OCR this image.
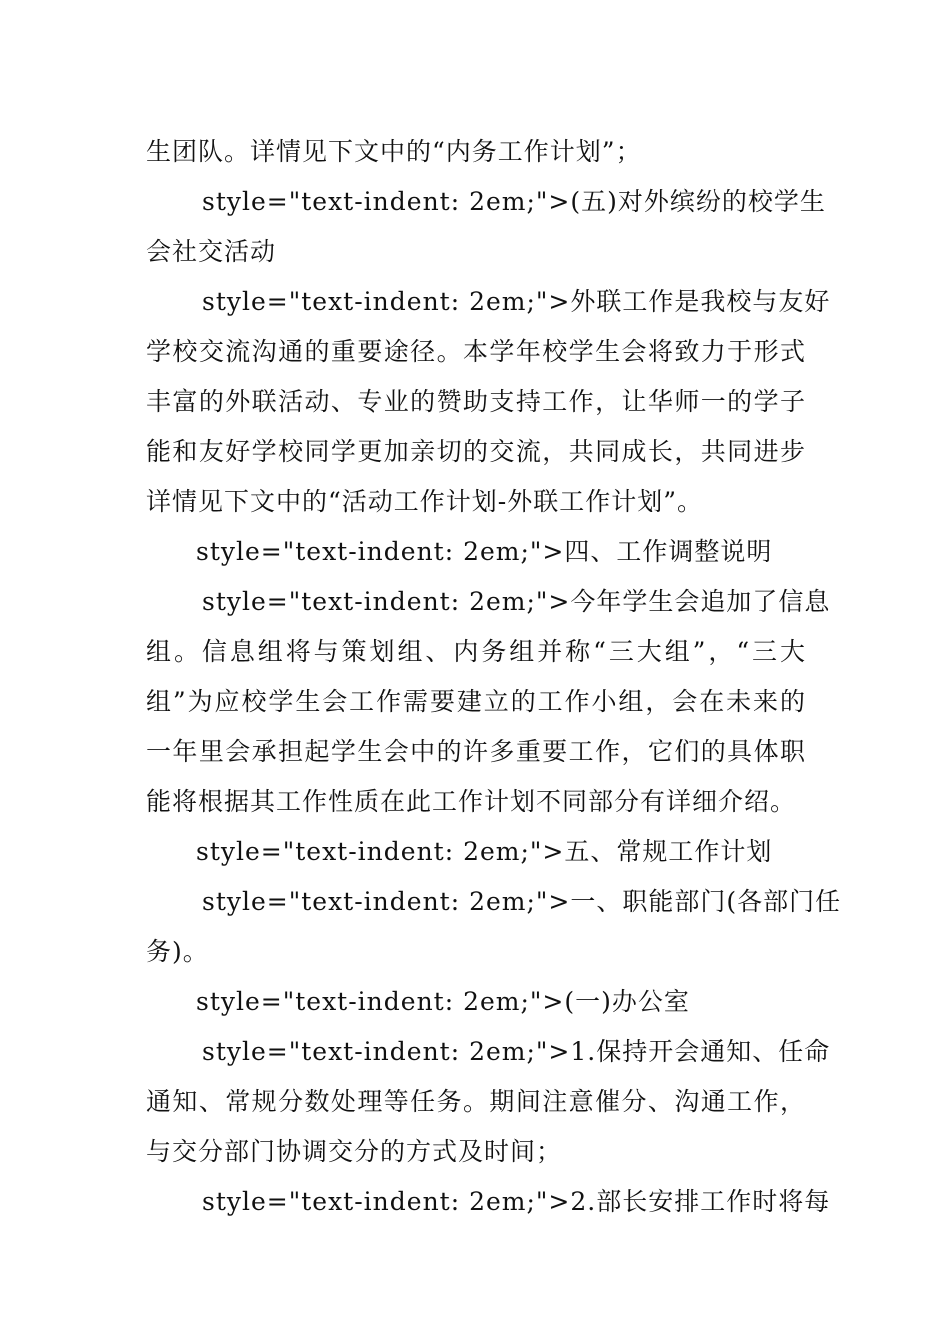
生团队。详情见下文中的“内务工作计划”；
style="text-indent: 2em;">(五)对外缤纷的校学生
会社交活动
style="text-indent: 2em;">外联工作是我校与友好
学校交流沟通的重要途径。本学年校学生会将致力于形式
丰富的外联活动、专业的赞助支持工作，让华师一的学子
能和友好学校同学更加亲切的交流，共同成长，共同进步
详情见下文中的“活动工作计划-外联工作计划”。
style="text-indent: 2em;">四、工作调整说明
style="text-indent: 2em;">今年学生会追加了信息
组。信息组将与策划组、内务组并称“三大组”，“三大
组”为应校学生会工作需要建立的工作小组，会在未来的
一年里会承担起学生会中的许多重要工作，它们的具体职
能将根据其工作性质在此工作计划不同部分有详细介绍。
style="text-indent: 2em;">五、常规工作计划
style="text-indent: 2em;">一、职能部门(各部门任
务)。
style="text-indent: 2em;">(一)办公室
style="text-indent: 2em;">1.保持开会通知、任命
通知、常规分数处理等任务。期间注意催分、沟通工作，
与交分部门协调交分的方式及时间；
style="text-indent: 2em;">2.部长安排工作时将每
